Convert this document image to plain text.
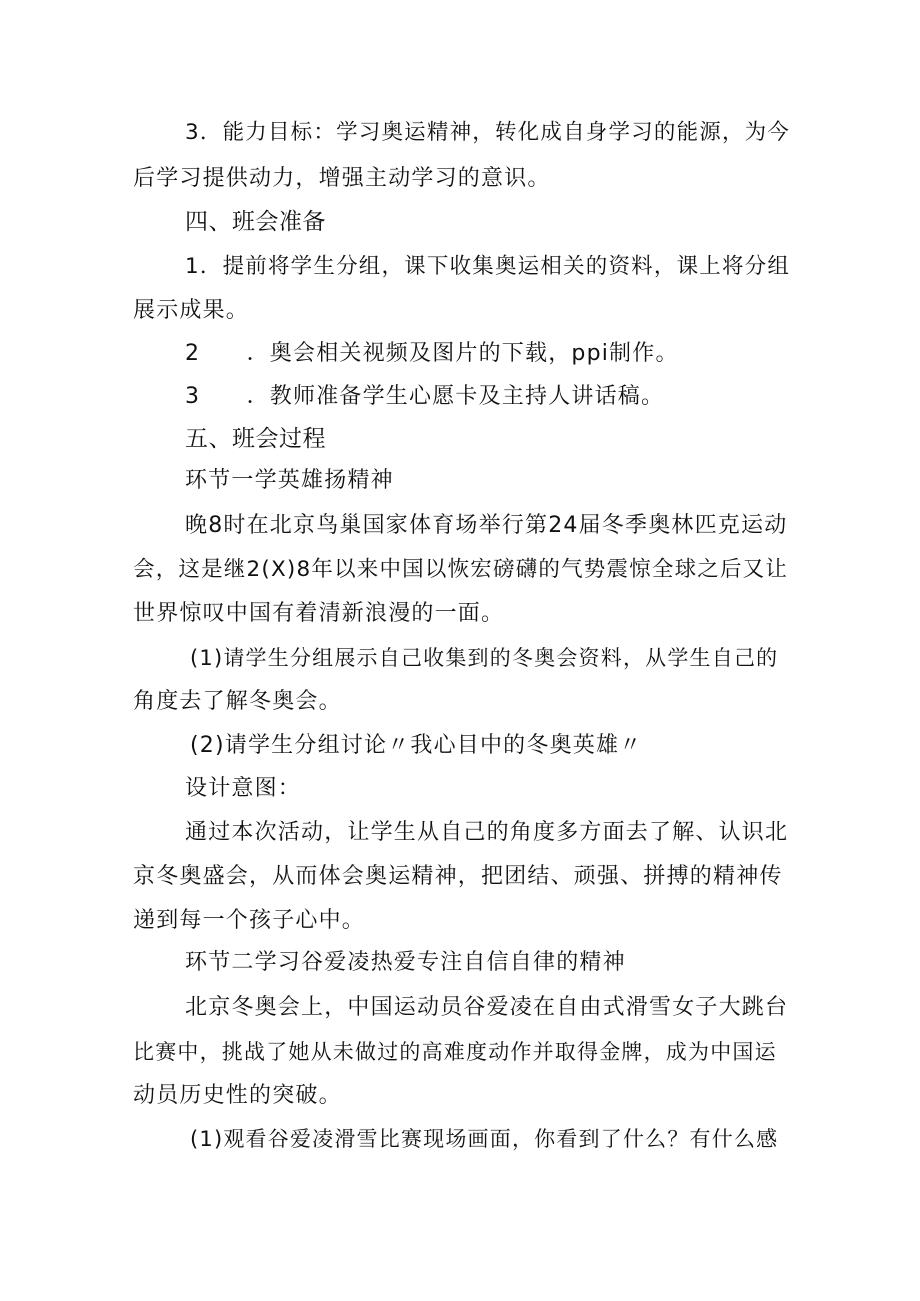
3．能力目标：学习奥运精神，转化成自身学习的能源，为今
后学习提供动力，增强主动学习的意识。
四、班会准备
1．提前将学生分组，课下收集奥运相关的资料，课上将分组
展示成果。
2　　．奥会相关视频及图片的下载，ppi制作。
3　　．教师准备学生心愿卡及主持人讲话稿。
五、班会过程
环节一学英雄扬精神
晚8时在北京鸟巢国家体育场举行第24届冬季奥林匹克运动
会，这是继2(X)8年以来中国以恢宏磅礴的气势震惊全球之后又让
世界惊叹中国有着清新浪漫的一面。
(1)请学生分组展示自己收集到的冬奥会资料，从学生自己的
角度去了解冬奥会。
(2)请学生分组讨论〃我心目中的冬奥英雄〃
设计意图：
通过本次活动，让学生从自己的角度多方面去了解、认识北
京冬奥盛会，从而体会奥运精神，把团结、顽强、拼搏的精神传
递到每一个孩子心中。
环节二学习谷爱凌热爱专注自信自律的精神
北京冬奥会上，中国运动员谷爱凌在自由式滑雪女子大跳台
比赛中，挑战了她从未做过的高难度动作并取得金牌，成为中国运
动员历史性的突破。
(1)观看谷爱凌滑雪比赛现场画面，你看到了什么？有什么感
